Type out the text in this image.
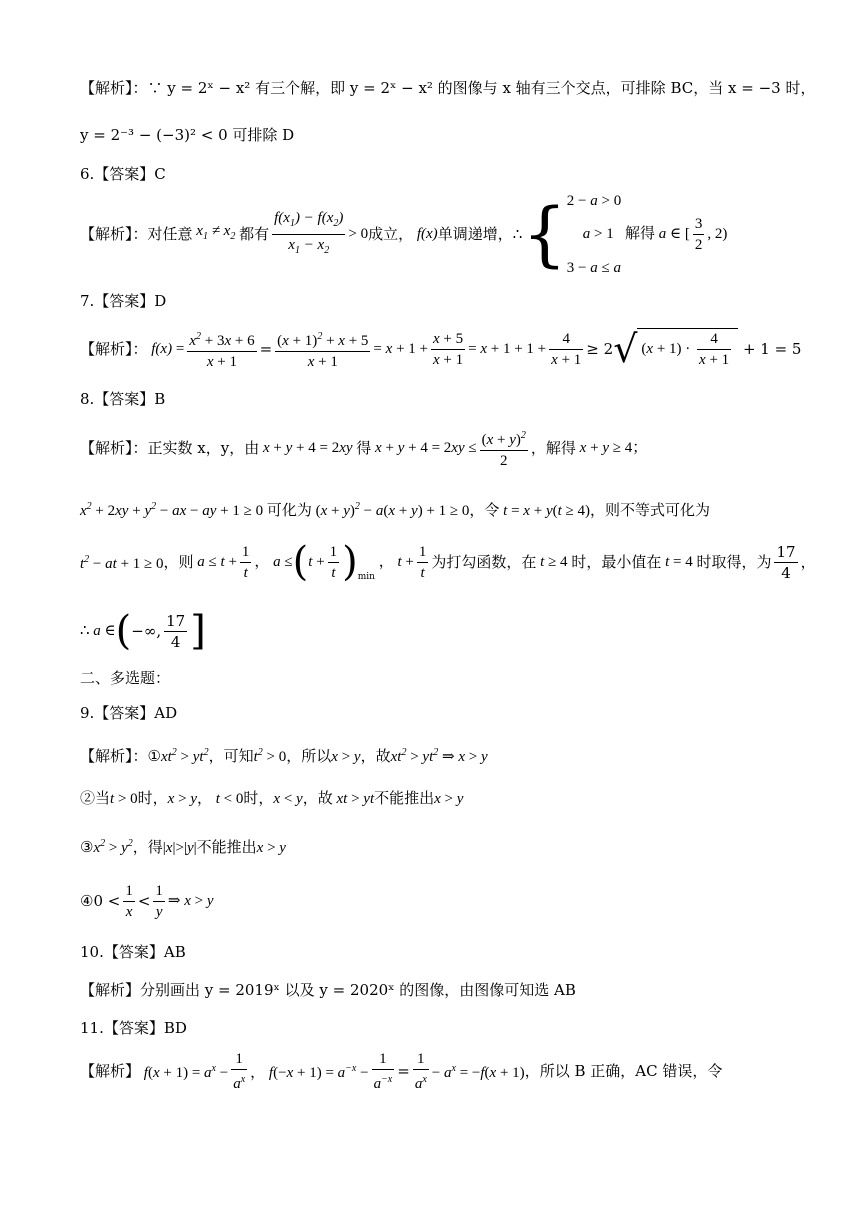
【解析】：∵ y = 2ˣ − x² 有三个解，即 y = 2ˣ − x² 的图像与 x 轴有三个交点，可排除 BC，当 x = −3 时，
y = 2⁻³ − (−3)² < 0 可排除 D
6.【答案】C
【解析】： 对任意 $x_1 \ne x_2$ 都有 $\frac{f(x_1) - f(x_2)}{x_1 - x_2} > 0$ 成立， f(x) 单调递增， ∴ { 2 − a > 0
a > 1 解得 a ∈ [ $\frac{3}{2}$ , 2)
3 − a ≤ a
7.【答案】D
【解析】： $f(x) = \frac{x^2 + 3x + 6}{x + 1} = \frac{(x + 1)^2 + x + 5}{x + 1} = x + 1 + \frac{x + 5}{x + 1} = x + 1 + 1 + \frac{4}{x + 1} \ge 2$ √ $(x + 1) \cdot \frac{4}{x + 1} + 1 = 5$
8.【答案】B
【解析】： 正实数 x，y，由 x + y + 4 = 2xy 得 $x + y + 4 = 2xy \le \frac{(x + y)^2}{2}$ ，解得 x + y ≥ 4；
$x^2 + 2xy + y^2$ − ax − ay + 1 ≥ 0 可化为 $(x + y)^2 - a(x + y) + 1 \ge 0$，令 t = x + y(t ≥ 4)，则不等式可化为
$t^2$ − at + 1 ≥ 0 ，则 $a \le t + \frac{1}{t}$ ， a ≤ ( $t + \frac{1}{t} )_{min}$
， $t + \frac{1}{t}$ 为打勾函数，在 t ≥ 4 时，最小值在 t = 4 时取得，为 $\frac{17}{4}$ ，
∴ a ∈ ( −∞, $\frac{17}{4}$ ]
二、多选题：
9.【答案】AD
【解析】：$①xt^2 > yt^2$，可知$t^2 > 0$，所以x > y，故$xt^2 > yt^2$ ⇒ x > y
②当t > 0时，x > y， t < 0时，x < y，故 xt > yt不能推出x > y
$③x^2 > y^2$，得|x|>|y|不能推出x > y
④ $0 < \frac{1}{x} < \frac{1}{y}$ ⇒ x > y
10.【答案】AB
【解析】分别画出 y = 2019ˣ 以及 y = 2020ˣ 的图像，由图像可知选 AB
11.【答案】BD
【解析】 $f(x + 1) = a^x - \frac{1}{a^x}$ ， $f(-x + 1) = a^{-x} - \frac{1}{a^{-x}} = \frac{1}{a^x} - a^x = -f(x + 1)$ ，所以 B 正确，AC 错误，令
